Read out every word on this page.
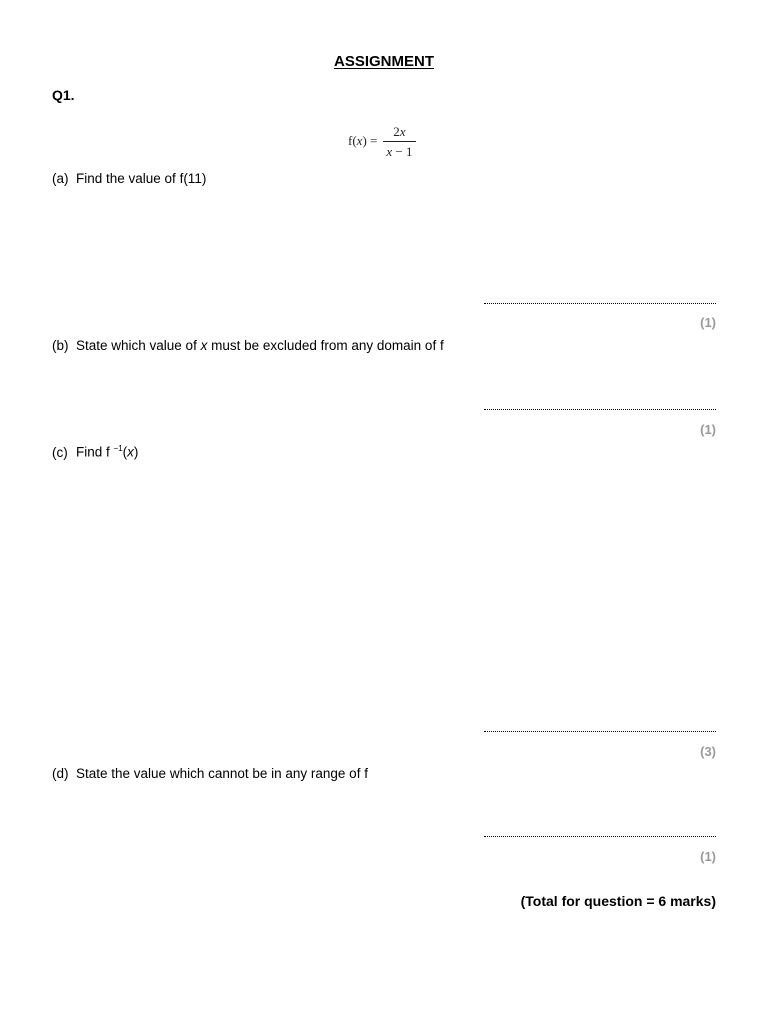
ASSIGNMENT
Q1.
$f(x) = \frac{2x}{x - 1}$
(a) Find the value of f(11)
(1)
(b) State which value of x must be excluded from any domain of f
(1)
(c) Find f $^{-1}$(x)
(3)
(d) State the value which cannot be in any range of f
(1)
(Total for question = 6 marks)
